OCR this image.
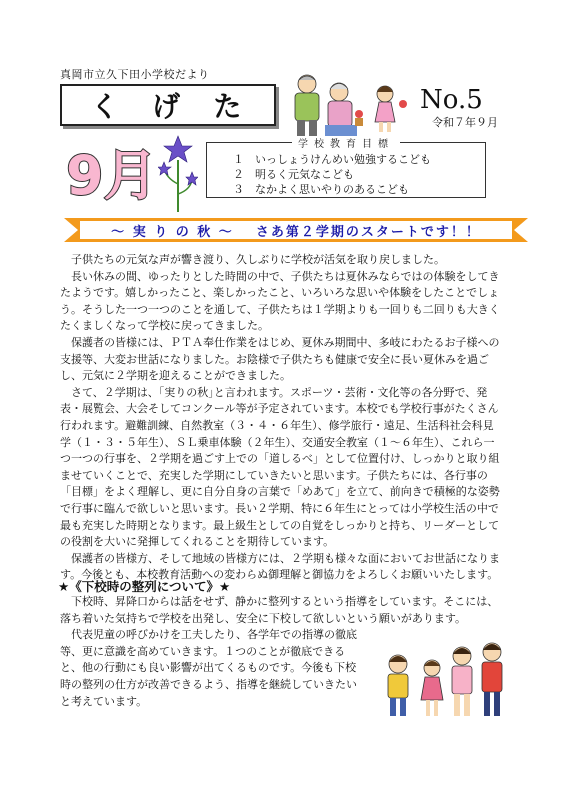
真岡市立久下田小学校だより
く げ た	No.5
令和７年９月
9月	学校教育目標
１ いっしょうけんめい勉強するこども
２ 明るく元気なこども
３ なかよく思いやりのあるこども
～ 実 り の 秋 ～ さあ第２学期のスタートです！！

子供たちの元気な声が響き渡り、久しぶりに学校が活気を取り戻しました。

長い休みの間、ゆったりとした時間の中で、子供たちは夏休みならではの体験をしてきたようです。嬉しかったこと、楽しかったこと、いろいろな思いや体験をしたことでしょう。そうした一つ一つのことを通して、子供たちは１学期よりも一回りも二回りも大きくたくましくなって学校に戻ってきました。

保護者の皆様には、ＰＴＡ奉仕作業をはじめ、夏休み期間中、多岐にわたるお子様への支援等、大変お世話になりました。お陰様で子供たちも健康で安全に長い夏休みを過ごし、元気に２学期を迎えることができました。

さて、２学期は、｢実りの秋｣と言われます。スポーツ・芸術・文化等の各分野で、発表・展覧会、大会そしてコンクール等が予定されています。本校でも学校行事がたくさん行われます。避難訓練、自然教室（３・４・６年生）、修学旅行・遠足、生活科社会科見学（１・３・５年生）、ＳＬ乗車体験（２年生）、交通安全教室（１～６年生）、これら一つ一つの行事を、２学期を過ごす上での「道しるべ」として位置付け、しっかりと取り組ませていくことで、充実した学期にしていきたいと思います。子供たちには、各行事の「目標」をよく理解し、更に自分自身の言葉で「めあて」を立て、前向きで積極的な姿勢で行事に臨んで欲しいと思います。長い２学期、特に６年生にとっては小学校生活の中で最も充実した時期となります。最上級生としての自覚をしっかりと持ち、リーダーとしての役割を大いに発揮してくれることを期待しています。

保護者の皆様方、そして地域の皆様方には、２学期も様々な面においてお世話になります。今後とも、本校教育活動への変わらぬ御理解と御協力をよろしくお願いいたします。

★《下校時の整列について》★

下校時、昇降口からは話をせず、静かに整列するという指導をしています。そこには、落ち着いた気持ちで学校を出発し、安全に下校して欲しいという願いがあります。

代表児童の呼びかけを工夫したり、各学年での指導の徹底等、更に意識を高めていきます。１つのことが徹底できると、他の行動にも良い影響が出てくるものです。今後も下校時の整列の仕方が改善できるよう、指導を継続していきたいと考えています。
